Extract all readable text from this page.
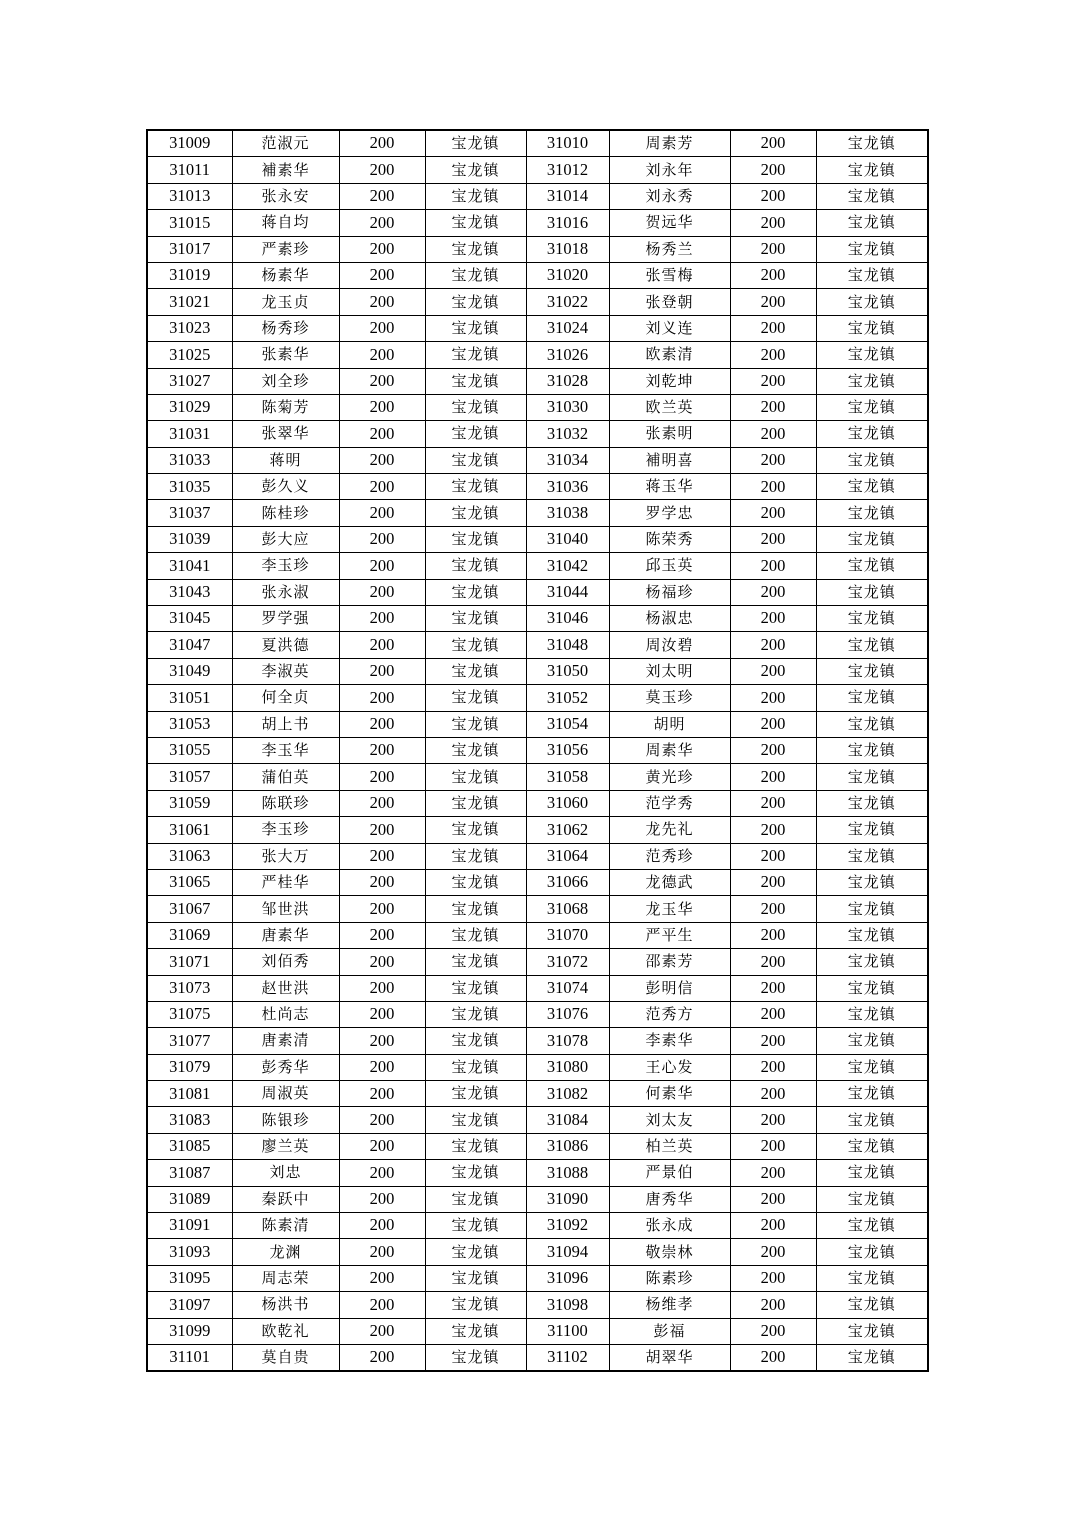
31009	范淑元	200	宝龙镇	31010	周素芳	200	宝龙镇
31011	補素华	200	宝龙镇	31012	刘永年	200	宝龙镇
31013	张永安	200	宝龙镇	31014	刘永秀	200	宝龙镇
31015	蒋自均	200	宝龙镇	31016	贺远华	200	宝龙镇
31017	严素珍	200	宝龙镇	31018	杨秀兰	200	宝龙镇
31019	杨素华	200	宝龙镇	31020	张雪梅	200	宝龙镇
31021	龙玉贞	200	宝龙镇	31022	张登朝	200	宝龙镇
31023	杨秀珍	200	宝龙镇	31024	刘义连	200	宝龙镇
31025	张素华	200	宝龙镇	31026	欧素清	200	宝龙镇
31027	刘全珍	200	宝龙镇	31028	刘乾坤	200	宝龙镇
31029	陈菊芳	200	宝龙镇	31030	欧兰英	200	宝龙镇
31031	张翠华	200	宝龙镇	31032	张素明	200	宝龙镇
31033	蒋明	200	宝龙镇	31034	補明喜	200	宝龙镇
31035	彭久义	200	宝龙镇	31036	蒋玉华	200	宝龙镇
31037	陈桂珍	200	宝龙镇	31038	罗学忠	200	宝龙镇
31039	彭大应	200	宝龙镇	31040	陈荣秀	200	宝龙镇
31041	李玉珍	200	宝龙镇	31042	邱玉英	200	宝龙镇
31043	张永淑	200	宝龙镇	31044	杨福珍	200	宝龙镇
31045	罗学强	200	宝龙镇	31046	杨淑忠	200	宝龙镇
31047	夏洪德	200	宝龙镇	31048	周汝碧	200	宝龙镇
31049	李淑英	200	宝龙镇	31050	刘太明	200	宝龙镇
31051	何全贞	200	宝龙镇	31052	莫玉珍	200	宝龙镇
31053	胡上书	200	宝龙镇	31054	胡明	200	宝龙镇
31055	李玉华	200	宝龙镇	31056	周素华	200	宝龙镇
31057	蒲伯英	200	宝龙镇	31058	黄光珍	200	宝龙镇
31059	陈联珍	200	宝龙镇	31060	范学秀	200	宝龙镇
31061	李玉珍	200	宝龙镇	31062	龙先礼	200	宝龙镇
31063	张大万	200	宝龙镇	31064	范秀珍	200	宝龙镇
31065	严桂华	200	宝龙镇	31066	龙德武	200	宝龙镇
31067	邹世洪	200	宝龙镇	31068	龙玉华	200	宝龙镇
31069	唐素华	200	宝龙镇	31070	严平生	200	宝龙镇
31071	刘佰秀	200	宝龙镇	31072	邵素芳	200	宝龙镇
31073	赵世洪	200	宝龙镇	31074	彭明信	200	宝龙镇
31075	杜尚志	200	宝龙镇	31076	范秀方	200	宝龙镇
31077	唐素清	200	宝龙镇	31078	李素华	200	宝龙镇
31079	彭秀华	200	宝龙镇	31080	王心发	200	宝龙镇
31081	周淑英	200	宝龙镇	31082	何素华	200	宝龙镇
31083	陈银珍	200	宝龙镇	31084	刘太友	200	宝龙镇
31085	廖兰英	200	宝龙镇	31086	柏兰英	200	宝龙镇
31087	刘忠	200	宝龙镇	31088	严景伯	200	宝龙镇
31089	秦跃中	200	宝龙镇	31090	唐秀华	200	宝龙镇
31091	陈素清	200	宝龙镇	31092	张永成	200	宝龙镇
31093	龙渊	200	宝龙镇	31094	敬崇林	200	宝龙镇
31095	周志荣	200	宝龙镇	31096	陈素珍	200	宝龙镇
31097	杨洪书	200	宝龙镇	31098	杨维孝	200	宝龙镇
31099	欧乾礼	200	宝龙镇	31100	彭福	200	宝龙镇
31101	莫自贵	200	宝龙镇	31102	胡翠华	200	宝龙镇
